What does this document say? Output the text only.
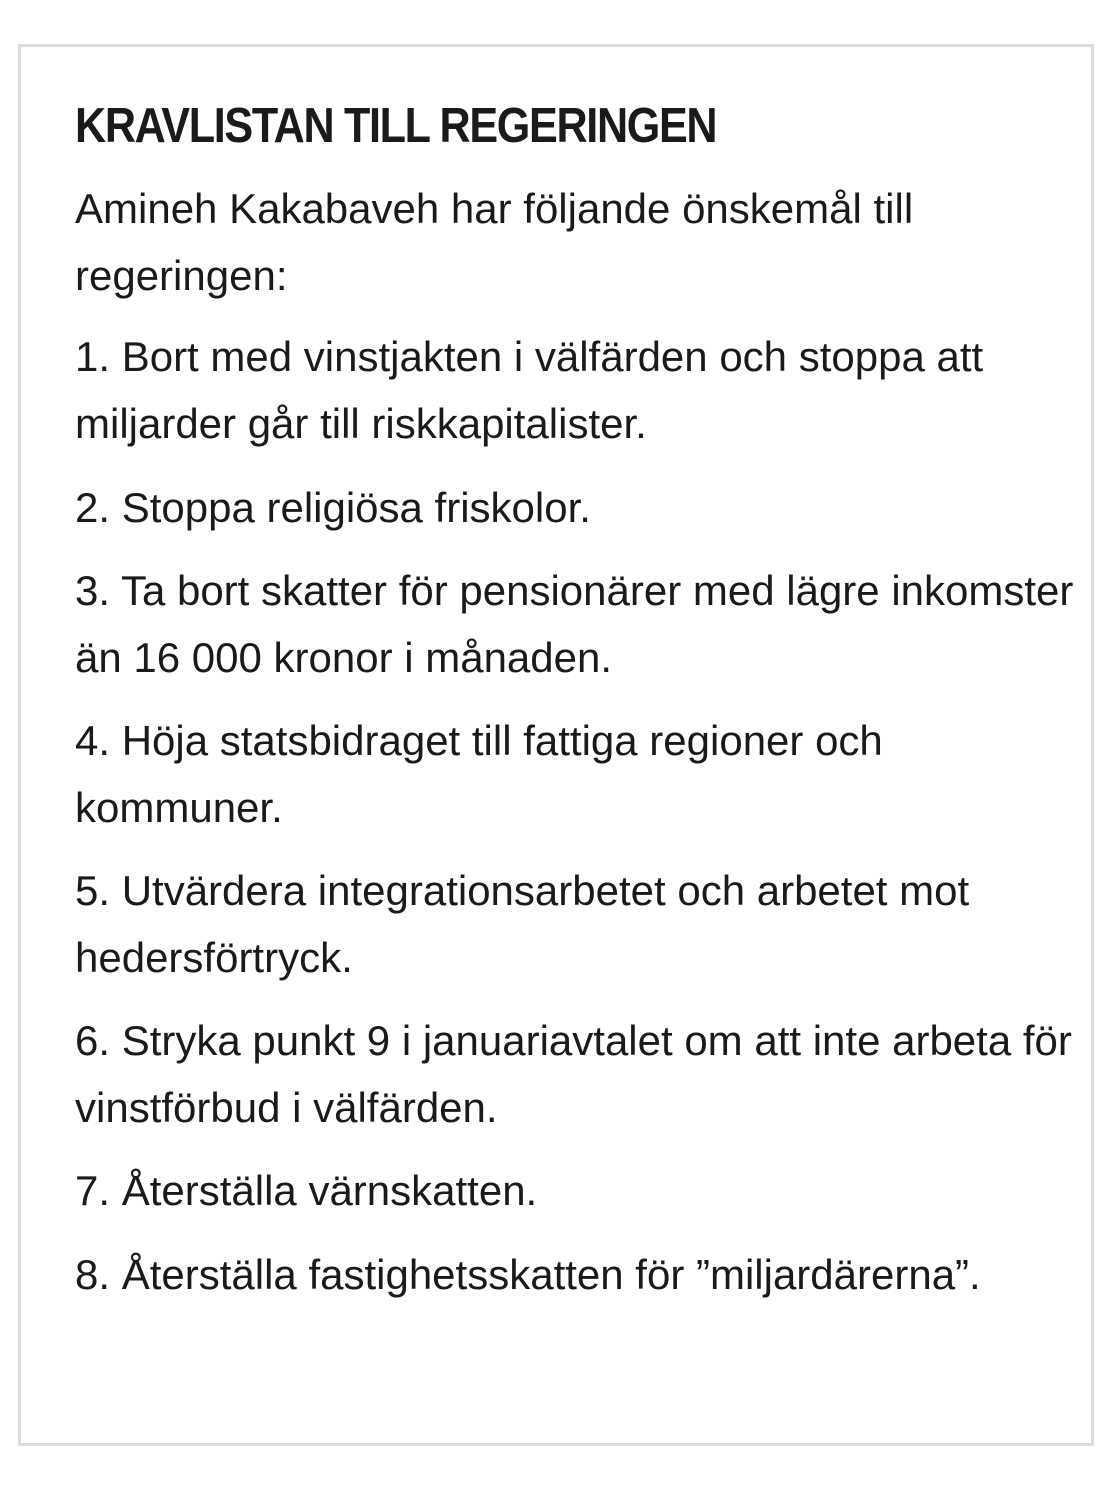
KRAVLISTAN TILL REGERINGEN

Amineh Kakabaveh har följande önskemål till regeringen:

1. Bort med vinstjakten i välfärden och stoppa att miljarder går till riskkapitalister.

2. Stoppa religiösa friskolor.

3. Ta bort skatter för pensionärer med lägre inkomster än 16 000 kronor i månaden.

4. Höja statsbidraget till fattiga regioner och kommuner.

5. Utvärdera integrationsarbetet och arbetet mot hedersförtryck.

6. Stryka punkt 9 i januariavtalet om att inte arbeta för vinstförbud i välfärden.

7. Återställa värnskatten.

8. Återställa fastighetsskatten för ”miljardärerna”.
